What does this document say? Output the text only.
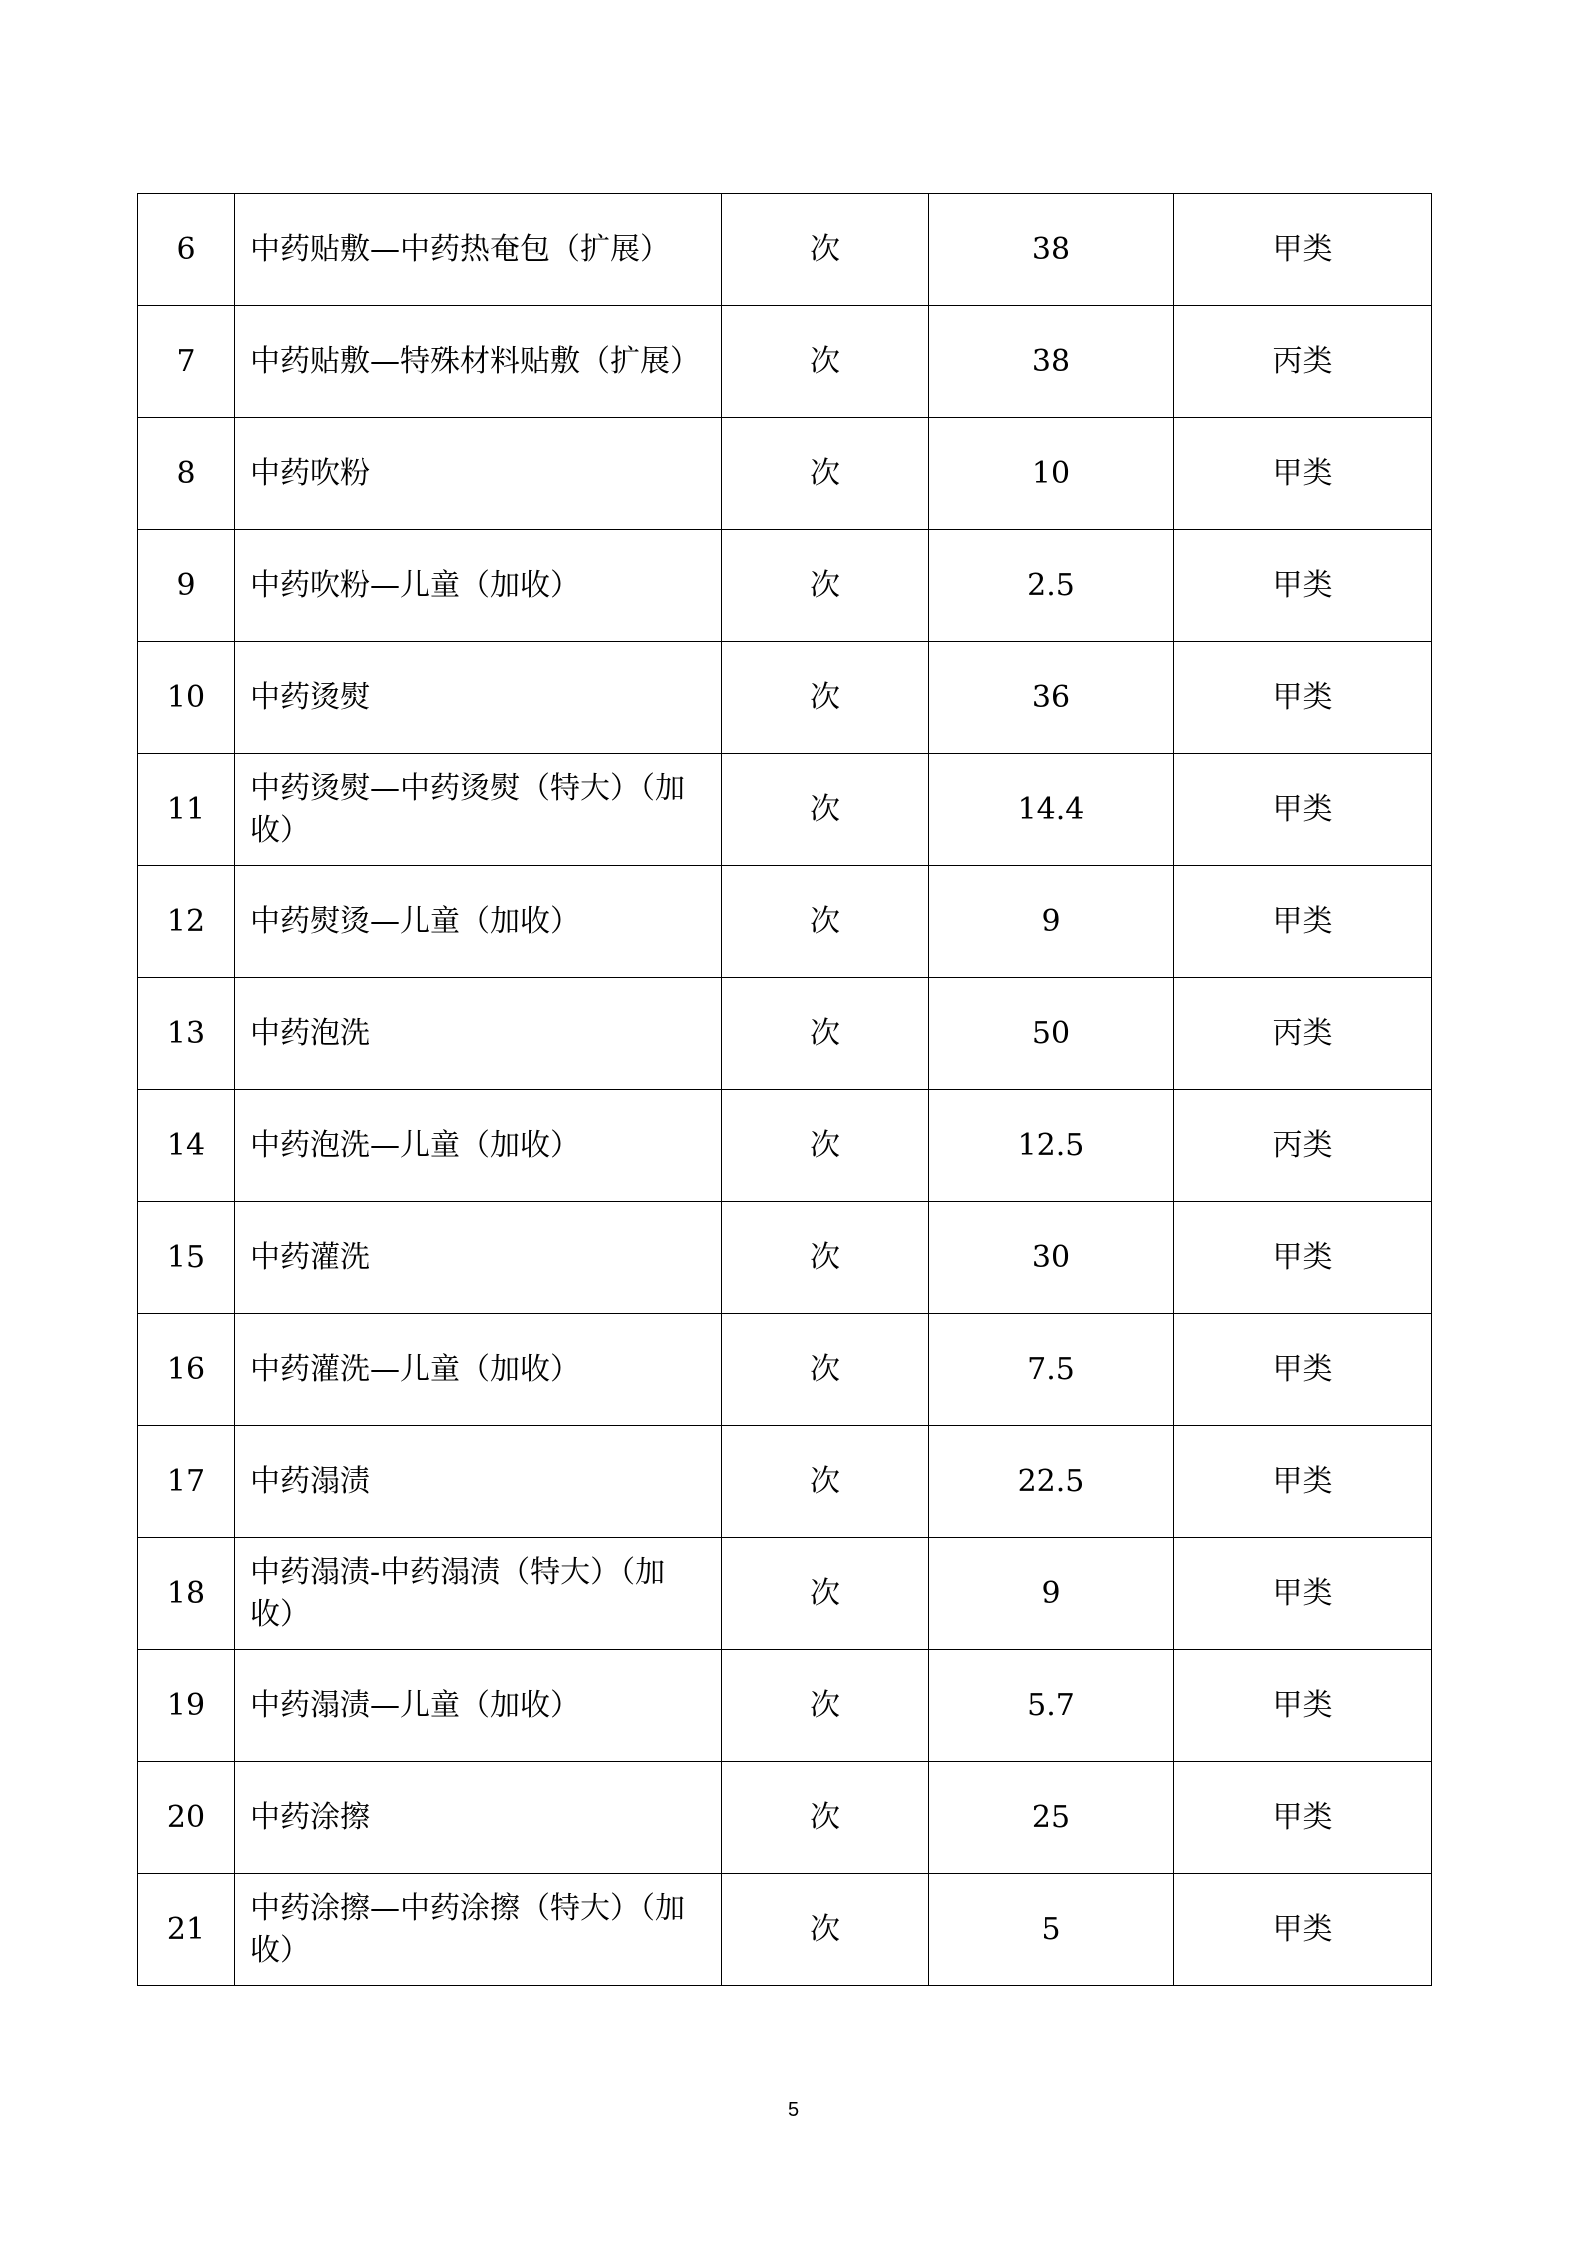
6	中药贴敷—中药热奄包（扩展）	次	38	甲类
7	中药贴敷—特殊材料贴敷（扩展）	次	38	丙类
8	中药吹粉	次	10	甲类
9	中药吹粉—儿童（加收）	次	2.5	甲类
10	中药烫熨	次	36	甲类
11	中药烫熨—中药烫熨（特大）（加收）	次	14.4	甲类
12	中药熨烫—儿童（加收）	次	9	甲类
13	中药泡洗	次	50	丙类
14	中药泡洗—儿童（加收）	次	12.5	丙类
15	中药灌洗	次	30	甲类
16	中药灌洗—儿童（加收）	次	7.5	甲类
17	中药溻渍	次	22.5	甲类
18	中药溻渍-中药溻渍（特大）（加收）	次	9	甲类
19	中药溻渍—儿童（加收）	次	5.7	甲类
20	中药涂擦	次	25	甲类
21	中药涂擦—中药涂擦（特大）（加收）	次	5	甲类
5
